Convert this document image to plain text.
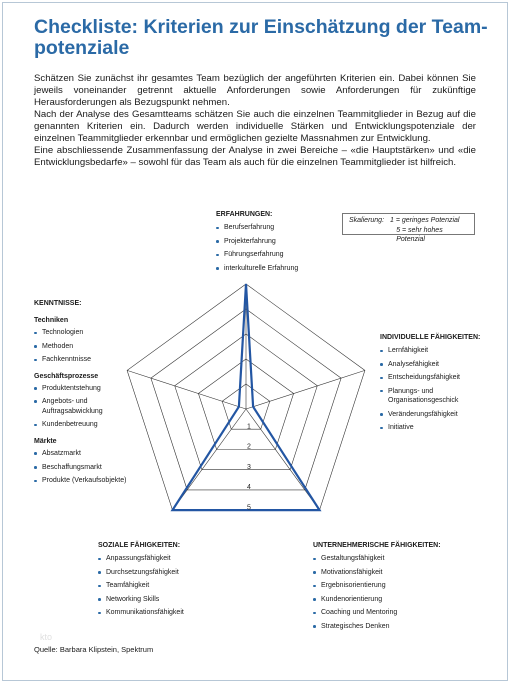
Checkliste: Kriterien zur Einschätzung der Team-potenziale

Schätzen Sie zunächst ihr gesamtes Team bezüglich der angeführten Kriterien ein. Dabei können Sie jeweils voneinander getrennt aktuelle Anforderungen sowie Anforderungen für zukünftige Herausforderungen als Bezugspunkt nehmen.

Nach der Analyse des Gesamtteams schätzen Sie auch die einzelnen Teammitglieder in Bezug auf die genannten Kriterien ein. Dadurch werden individuelle Stärken und Entwicklungspotenziale der einzelnen Teammitglieder erkennbar und ermöglichen gezielte Massnahmen zur Entwicklung.

Eine abschliessende Zusammenfassung der Analyse in zwei Bereiche – «die Hauptstärken» und «die Entwicklungsbedarfe» – sowohl für das Team als auch für die einzelnen Teammitglieder ist hilfreich.

1
2
3
4
5
Skalierung: 1 = geringes Potenzial
5 = sehr hohes Potenzial
ERFAHRUNGEN:
Berufserfahrung
Projekterfahrung
Führungserfahrung
interkulturelle Erfahrung
INDIVIDUELLE FÄHIGKEITEN:
Lernfähigkeit
Analysefähigkeit
Entscheidungsfähigkeit
Planungs- und Organisationsgeschick
Veränderungsfähigkeit
Initiative
KENNTNISSE:
Techniken
Technologien
Methoden
Fachkenntnisse
Geschäftsprozesse
Produktentstehung
Angebots- und Auftragsabwicklung
Kundenbetreuung
Märkte
Absatzmarkt
Beschaffungsmarkt
Produkte (Verkaufsobjekte)
SOZIALE FÄHIGKEITEN:
Anpassungsfähigkeit
Durchsetzungsfähigkeit
Teamfähigkeit
Networking Skills
Kommunikationsfähigkeit
UNTERNEHMERISCHE FÄHIGKEITEN:
Gestaltungsfähigkeit
Motivationsfähigkeit
Ergebnisorientierung
Kundenorientierung
Coaching und Mentoring
Strategisches Denken
kto
Quelle: Barbara Klipstein, Spektrum
